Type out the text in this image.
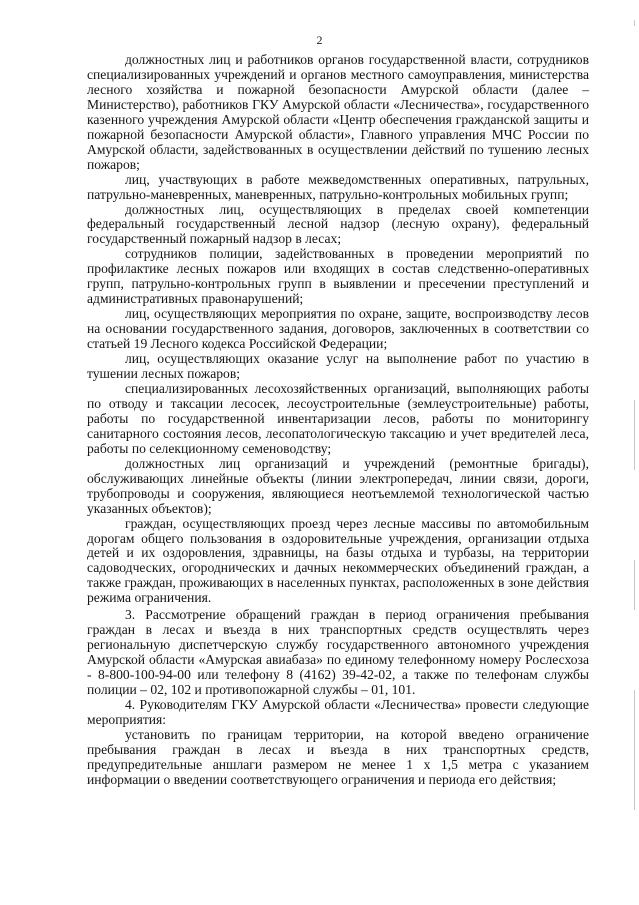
2

должностных лиц и работников органов государственной власти, сотрудников специализированных учреждений и органов местного самоуправления, министерства лесного хозяйства и пожарной безопасности Амурской области (далее – Министерство), работников ГКУ Амурской области «Лесничества», государственного казенного учреждения Амурской области «Центр обеспечения гражданской защиты и пожарной безопасности Амурской области», Главного управления МЧС России по Амурской области, задействованных в осуществлении действий по тушению лесных пожаров;

лиц, участвующих в работе межведомственных оперативных, патрульных, патрульно-маневренных, маневренных, патрульно-контрольных мобильных групп;

должностных лиц, осуществляющих в пределах своей компетенции федеральный государственный лесной надзор (лесную охрану), федеральный государственный пожарный надзор в лесах;

сотрудников полиции, задействованных в проведении мероприятий по профилактике лесных пожаров или входящих в состав следственно-оперативных групп, патрульно-контрольных групп в выявлении и пресечении преступлений и административных правонарушений;

лиц, осуществляющих мероприятия по охране, защите, воспроизводству лесов на основании государственного задания, договоров, заключенных в соответствии со статьей 19 Лесного кодекса Российской Федерации;

лиц, осуществляющих оказание услуг на выполнение работ по участию в тушении лесных пожаров;

специализированных лесохозяйственных организаций, выполняющих работы по отводу и таксации лесосек, лесоустроительные (землеустроительные) работы, работы по государственной инвентаризации лесов, работы по мониторингу санитарного состояния лесов, лесопатологическую таксацию и учет вредителей леса, работы по селекционному семеноводству;

должностных лиц организаций и учреждений (ремонтные бригады), обслуживающих линейные объекты (линии электропередач, линии связи, дороги, трубопроводы и сооружения, являющиеся неотъемлемой технологической частью указанных объектов);

граждан, осуществляющих проезд через лесные массивы по автомобильным дорогам общего пользования в оздоровительные учреждения, организации отдыха детей и их оздоровления, здравницы, на базы отдыха и турбазы, на территории садоводческих, огороднических и дачных некоммерческих объединений граждан, а также граждан, проживающих в населенных пунктах, расположенных в зоне действия режима ограничения.

3. Рассмотрение обращений граждан в период ограничения пребывания граждан в лесах и въезда в них транспортных средств осуществлять через региональную диспетчерскую службу государственного автономного учреждения Амурской области «Амурская авиабаза» по единому телефонному номеру Рослесхоза - 8-800-100-94-00 или телефону 8 (4162) 39-42-02, а также по телефонам службы полиции – 02, 102 и противопожарной службы – 01, 101.

4. Руководителям ГКУ Амурской области «Лесничества» провести следующие мероприятия:

установить по границам территории, на которой введено ограничение пребывания граждан в лесах и въезда в них транспортных средств, предупредительные аншлаги размером не менее 1 х 1,5 метра с указанием информации о введении соответствующего ограничения и периода его действия;
